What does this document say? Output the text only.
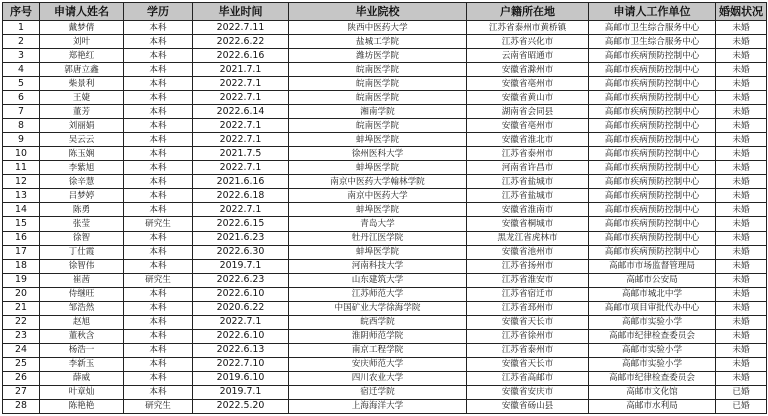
序号	申请人姓名	学历	毕业时间	毕业院校	户籍所在地	申请人工作单位	婚姻状况
1	戴梦倩	本科	2022.7.11	陕西中医药大学	江苏省泰州市黄桥镇	高邮市卫生综合服务中心	未婚
2	刘叶	本科	2022.6.22	盐城工学院	江苏省兴化市	高邮市卫生综合服务中心	未婚
3	郑艳红	本科	2022.6.16	潍坊医学院	云南省昭通市	高邮市疾病预防控制中心	未婚
4	郭唐立鑫	本科	2021.7.1	皖南医学院	安徽省滁州市	高邮市疾病预防控制中心	未婚
5	柴景利	本科	2022.7.1	皖南医学院	安徽省亳州市	高邮市疾病预防控制中心	未婚
6	王婕	本科	2022.7.1	皖南医学院	安徽省黄山市	高邮市疾病预防控制中心	未婚
7	董芳	本科	2022.6.14	湘南学院	湖南省会同县	高邮市疾病预防控制中心	未婚
8	刘丽娟	本科	2022.7.1	皖南医学院	安徽省亳州市	高邮市疾病预防控制中心	未婚
9	吴云云	本科	2022.7.1	蚌埠医学院	安徽省淮北市	高邮市疾病预防控制中心	未婚
10	陈玉娴	本科	2021.7.5	徐州医科大学	江苏省泰州市	高邮市疾病预防控制中心	未婚
11	李紫旭	本科	2022.7.1	蚌埠医学院	河南省许昌市	高邮市疾病预防控制中心	未婚
12	徐辛慧	本科	2021.6.16	南京中医药大学翰林学院	江苏省盐城市	高邮市疾病预防控制中心	未婚
13	吕梦婷	本科	2022.6.18	南京中医药大学	江苏省盐城市	高邮市疾病预防控制中心	未婚
14	陈勇	本科	2022.7.1	蚌埠医学院	安徽省淮南市	高邮市疾病预防控制中心	未婚
15	张莹	研究生	2022.6.15	青岛大学	安徽省桐城市	高邮市疾病预防控制中心	未婚
16	徐智	本科	2021.6.23	牡丹江医学院	黑龙江省虎林市	高邮市疾病预防控制中心	未婚
17	丁仕霞	本科	2022.6.30	蚌埠医学院	安徽省池州市	高邮市疾病预防控制中心	未婚
18	徐智伟	本科	2019.7.1	河南科技大学	江苏省扬州市	高邮市市场监督管理局	未婚
19	崔茜	研究生	2022.6.23	山东建筑大学	江苏省淮安市	高邮市公安局	未婚
20	侍继旺	本科	2022.6.10	江苏师范大学	江苏省宿迁市	高邮市城北中学	未婚
21	邹浩然	本科	2020.6.22	中国矿业大学徐海学院	江苏省邳州市	高邮市项目审批代办中心	未婚
22	赵旭	本科	2022.7.1	皖西学院	安徽省天长市	高邮市实验小学	未婚
23	董秋含	本科	2022.6.10	淮阴师范学院	江苏省徐州市	高邮市纪律检查委员会	未婚
24	杨浩一	本科	2022.6.13	南京工程学院	江苏省泰州市	高邮市实验小学	未婚
25	李新玉	本科	2022.7.10	安庆师范大学	安徽省天长市	高邮市实验小学	未婚
26	薛威	本科	2019.6.10	四川农业大学	江苏省高邮市	高邮市纪律检查委员会	未婚
27	叶章灿	本科	2019.7.1	宿迁学院	安徽省安庆市	高邮市文化馆	已婚
28	陈艳艳	研究生	2022.5.20	上海海洋大学	安徽省砀山县	高邮市水利局	已婚
